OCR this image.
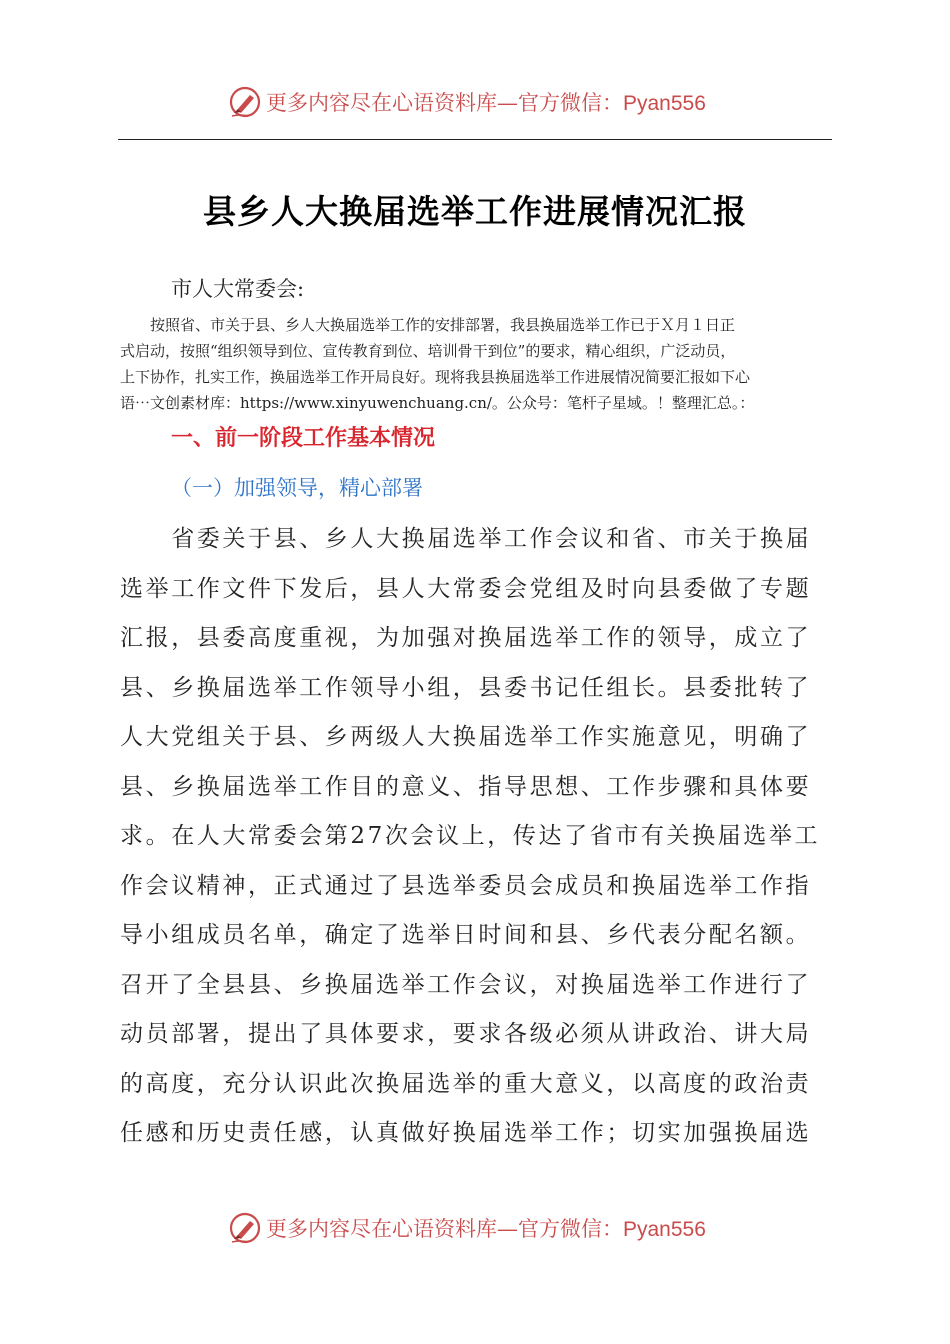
更多内容尽在心语资料库—官方微信：Pyan556
县乡人大换届选举工作进展情况汇报
市人大常委会:
　　按照省、市关于县、乡人大换届选举工作的安排部署，我县换届选举工作已于Ｘ月１日正
式启动，按照“组织领导到位、宣传教育到位、培训骨干到位”的要求，精心组织，广泛动员，
上下协作，扎实工作，换届选举工作开局良好。现将我县换届选举工作进展情况简要汇报如下心
语⋯文创素材库：https://www.xinyuwenchuang.cn/。公众号：笔杆子星域。！整理汇总。：
一、前一阶段工作基本情况
（一）加强领导，精心部署
　　省委关于县、乡人大换届选举工作会议和省、市关于换届
选举工作文件下发后，县人大常委会党组及时向县委做了专题
汇报，县委高度重视，为加强对换届选举工作的领导，成立了
县、乡换届选举工作领导小组，县委书记任组长。县委批转了
人大党组关于县、乡两级人大换届选举工作实施意见，明确了
县、乡换届选举工作目的意义、指导思想、工作步骤和具体要
求。在人大常委会第27次会议上，传达了省市有关换届选举工
作会议精神，正式通过了县选举委员会成员和换届选举工作指
导小组成员名单，确定了选举日时间和县、乡代表分配名额。
召开了全县县、乡换届选举工作会议，对换届选举工作进行了
动员部署，提出了具体要求，要求各级必须从讲政治、讲大局
的高度，充分认识此次换届选举的重大意义，以高度的政治责
任感和历史责任感，认真做好换届选举工作；切实加强换届选
更多内容尽在心语资料库—官方微信：Pyan556
